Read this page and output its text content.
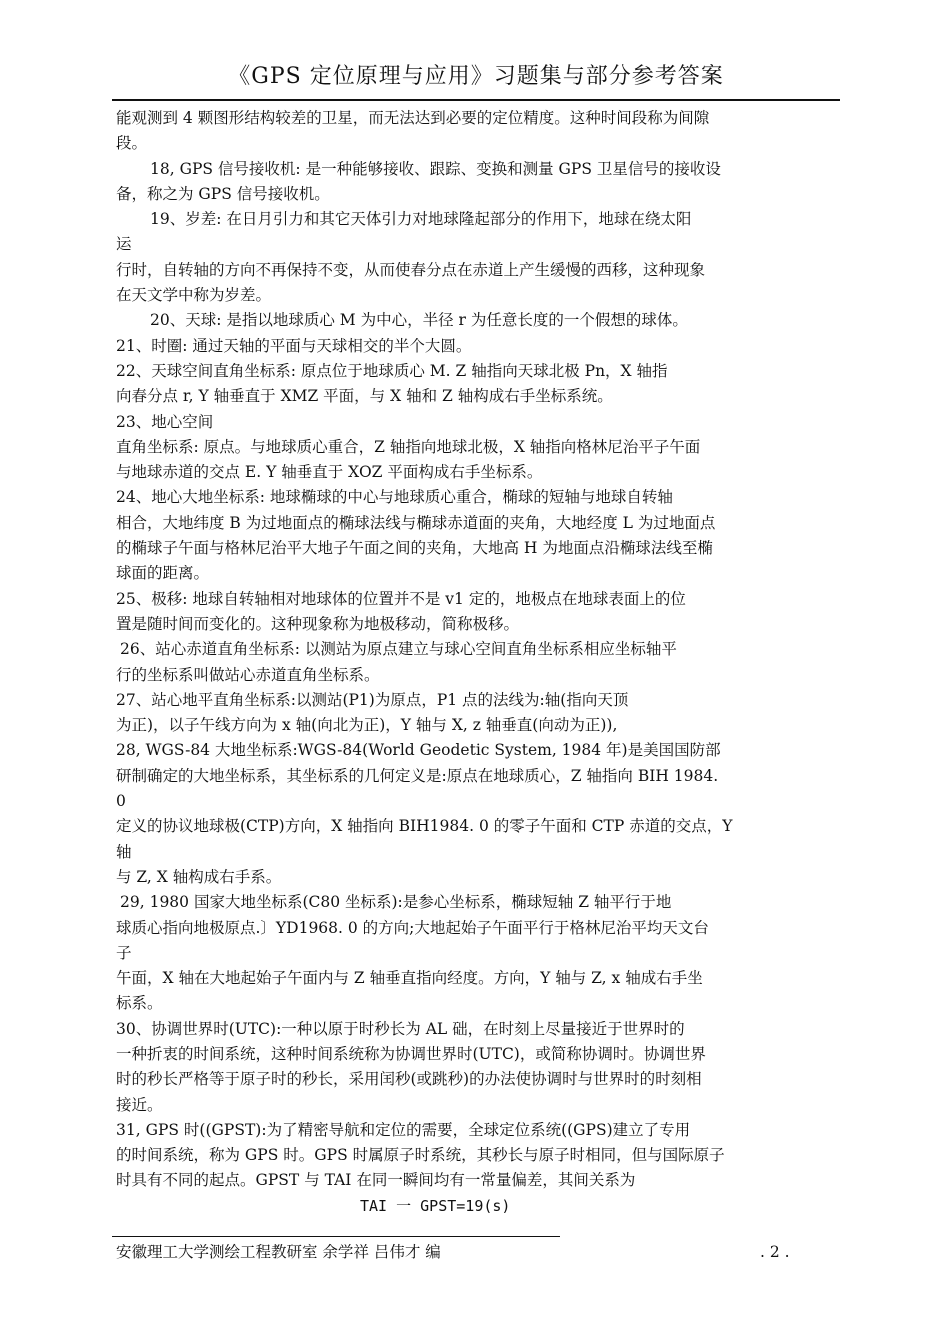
《GPS 定位原理与应用》习题集与部分参考答案
能观测到 4 颗图形结构较差的卫星，而无法达到必要的定位精度。这种时间段称为间隙
段。
18, GPS 信号接收机: 是一种能够接收、跟踪、变换和测量 GPS 卫星信号的接收设
备，称之为 GPS 信号接收机。
19、岁差: 在日月引力和其它天体引力对地球隆起部分的作用下，地球在绕太阳
运
行时，自转轴的方向不再保持不变，从而使春分点在赤道上产生缓慢的西移，这种现象
在天文学中称为岁差。
20、天球: 是指以地球质心 M 为中心，半径 r 为任意长度的一个假想的球体。
21、时圈: 通过天轴的平面与天球相交的半个大圆。
22、天球空间直角坐标系: 原点位于地球质心 M. Z 轴指向天球北极 Pn，X 轴指
向春分点 r, Y 轴垂直于 XMZ 平面，与 X 轴和 Z 轴构成右手坐标系统。
23、地心空间
直角坐标系: 原点。与地球质心重合，Z 轴指向地球北极，X 轴指向格林尼治平子午面
与地球赤道的交点 E. Y 轴垂直于 XOZ 平面构成右手坐标系。
24、地心大地坐标系: 地球椭球的中心与地球质心重合，椭球的短轴与地球自转轴
相合，大地纬度 B 为过地面点的椭球法线与椭球赤道面的夹角，大地经度 L 为过地面点
的椭球子午面与格林尼治平大地子午面之间的夹角，大地高 H 为地面点沿椭球法线至椭
球面的距离。
25、极移: 地球自转轴相对地球体的位置并不是 v1 定的，地极点在地球表面上的位
置是随时间而变化的。这种现象称为地极移动，简称极移。
26、站心赤道直角坐标系: 以测站为原点建立与球心空间直角坐标系相应坐标轴平
行的坐标系叫做站心赤道直角坐标系。
27、站心地平直角坐标系:以测站(P1)为原点，P1 点的法线为:轴(指向天顶
为正)，以子午线方向为 x 轴(向北为正)，Y 轴与 X, z 轴垂直(向动为正)),
28, WGS-84 大地坐标系:WGS-84(World Geodetic System, 1984 年)是美国国防部
研制确定的大地坐标系，其坐标系的几何定义是:原点在地球质心，Z 轴指向 BIH 1984.
0
定义的协议地球极(CTP)方向，X 轴指向 BIH1984. 0 的零子午面和 CTP 赤道的交点，Y
轴
与 Z, X 轴构成右手系。
29, 1980 国家大地坐标系(C80 坐标系):是参心坐标系，椭球短轴 Z 轴平行于地
球质心指向地极原点.〕YD1968. 0 的方向;大地起始子午面平行于格林尼治平均天文台
子
午面，X 轴在大地起始子午面内与 Z 轴垂直指向经度。方向，Y 轴与 Z, x 轴成右手坐
标系。
30、协调世界时(UTC):一种以原于时秒长为 AL 础，在时刻上尽量接近于世界时的
一种折衷的时间系统，这种时间系统称为协调世界时(UTC)，或简称协调时。协调世界
时的秒长严格等于原子时的秒长，采用闰秒(或跳秒)的办法使协调时与世界时的时刻相
接近。
31, GPS 时((GPST):为了精密导航和定位的需要，全球定位系统((GPS)建立了专用
的时间系统，称为 GPS 时。GPS 时属原子时系统，其秒长与原子时相同，但与国际原子
时具有不同的起点。GPST 与 TAI 在同一瞬间均有一常量偏差，其间关系为
TAI 一 GPST=19(s)
安徽理工大学测绘工程教研室 余学祥 吕伟才 编	. 2 .
